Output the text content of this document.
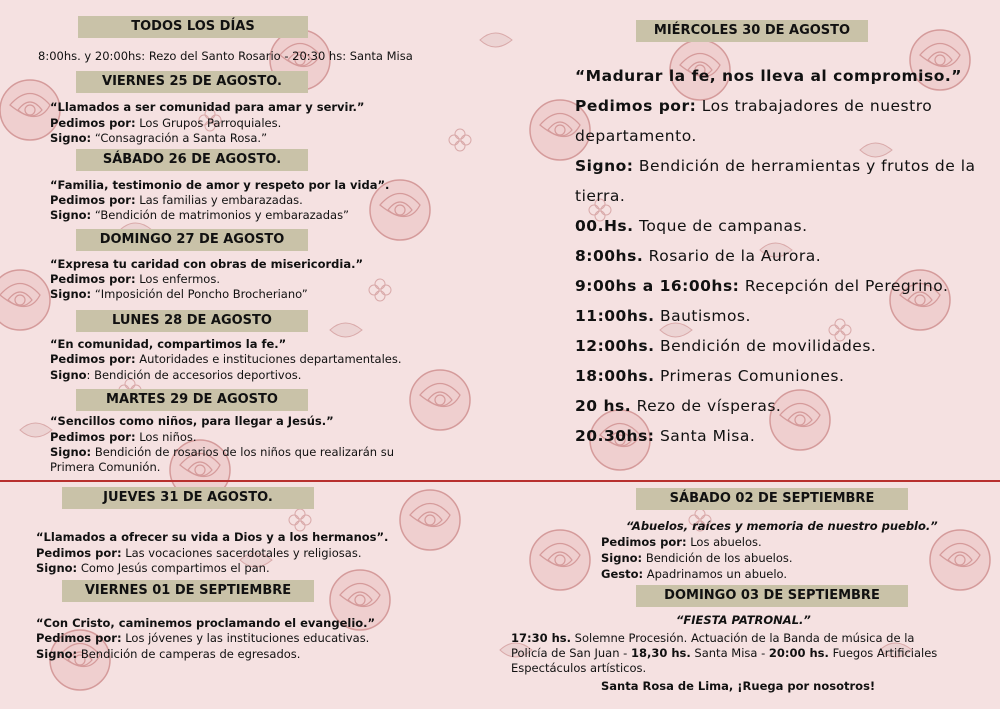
TODOS LOS DÍAS
8:00hs. y 20:00hs: Rezo del Santo Rosario - 20:30 hs: Santa Misa
VIERNES 25 DE AGOSTO.
“Llamados a ser comunidad para amar y servir.”
Pedimos por: Los Grupos Parroquiales.
Signo: “Consagración a Santa Rosa.”
SÁBADO 26 DE AGOSTO.
“Familia, testimonio de amor y respeto por la vida”.
Pedimos por: Las familias y embarazadas.
Signo: “Bendición de matrimonios y embarazadas”
DOMINGO 27 DE AGOSTO
“Expresa tu caridad con obras de misericordia.”
Pedimos por: Los enfermos.
Signo: “Imposición del Poncho Brocheriano”
LUNES 28 DE AGOSTO
“En comunidad, compartimos la fe.”
Pedimos por: Autoridades e instituciones departamentales.
Signo: Bendición de accesorios deportivos.
MARTES 29 DE AGOSTO
“Sencillos como niños, para llegar a Jesús.”
Pedimos por: Los niños.
Signo: Bendición de rosarios de los niños que realizarán su
Primera Comunión.
MIÉRCOLES 30 DE AGOSTO
“Madurar la fe, nos lleva al compromiso.”
Pedimos por: Los trabajadores de nuestro
departamento.
Signo: Bendición de herramientas y frutos de la
tierra.
00.Hs. Toque de campanas.
8:00hs. Rosario de la Aurora.
9:00hs a 16:00hs: Recepción del Peregrino.
11:00hs. Bautismos.
12:00hs. Bendición de movilidades.
18:00hs. Primeras Comuniones.
20 hs. Rezo de vísperas.
20.30hs: Santa Misa.
JUEVES 31 DE AGOSTO.
“Llamados a ofrecer su vida a Dios y a los hermanos”.
Pedimos por: Las vocaciones sacerdotales y religiosas.
Signo: Como Jesús compartimos el pan.
VIERNES 01 DE SEPTIEMBRE
“Con Cristo, caminemos proclamando el evangelio.”
Pedimos por: Los jóvenes y las instituciones educativas.
Signo: Bendición de camperas de egresados.
SÁBADO 02 DE SEPTIEMBRE
“Abuelos, raíces y memoria de nuestro pueblo.”
Pedimos por: Los abuelos.
Signo: Bendición de los abuelos.
Gesto: Apadrinamos un abuelo.
DOMINGO 03 DE SEPTIEMBRE
“FIESTA PATRONAL.”
17:30 hs. Solemne Procesión. Actuación de la Banda de música de la
Policía de San Juan - 18,30 hs. Santa Misa - 20:00 hs. Fuegos Artificiales
Espectáculos artísticos.
Santa Rosa de Lima, ¡Ruega por nosotros!
